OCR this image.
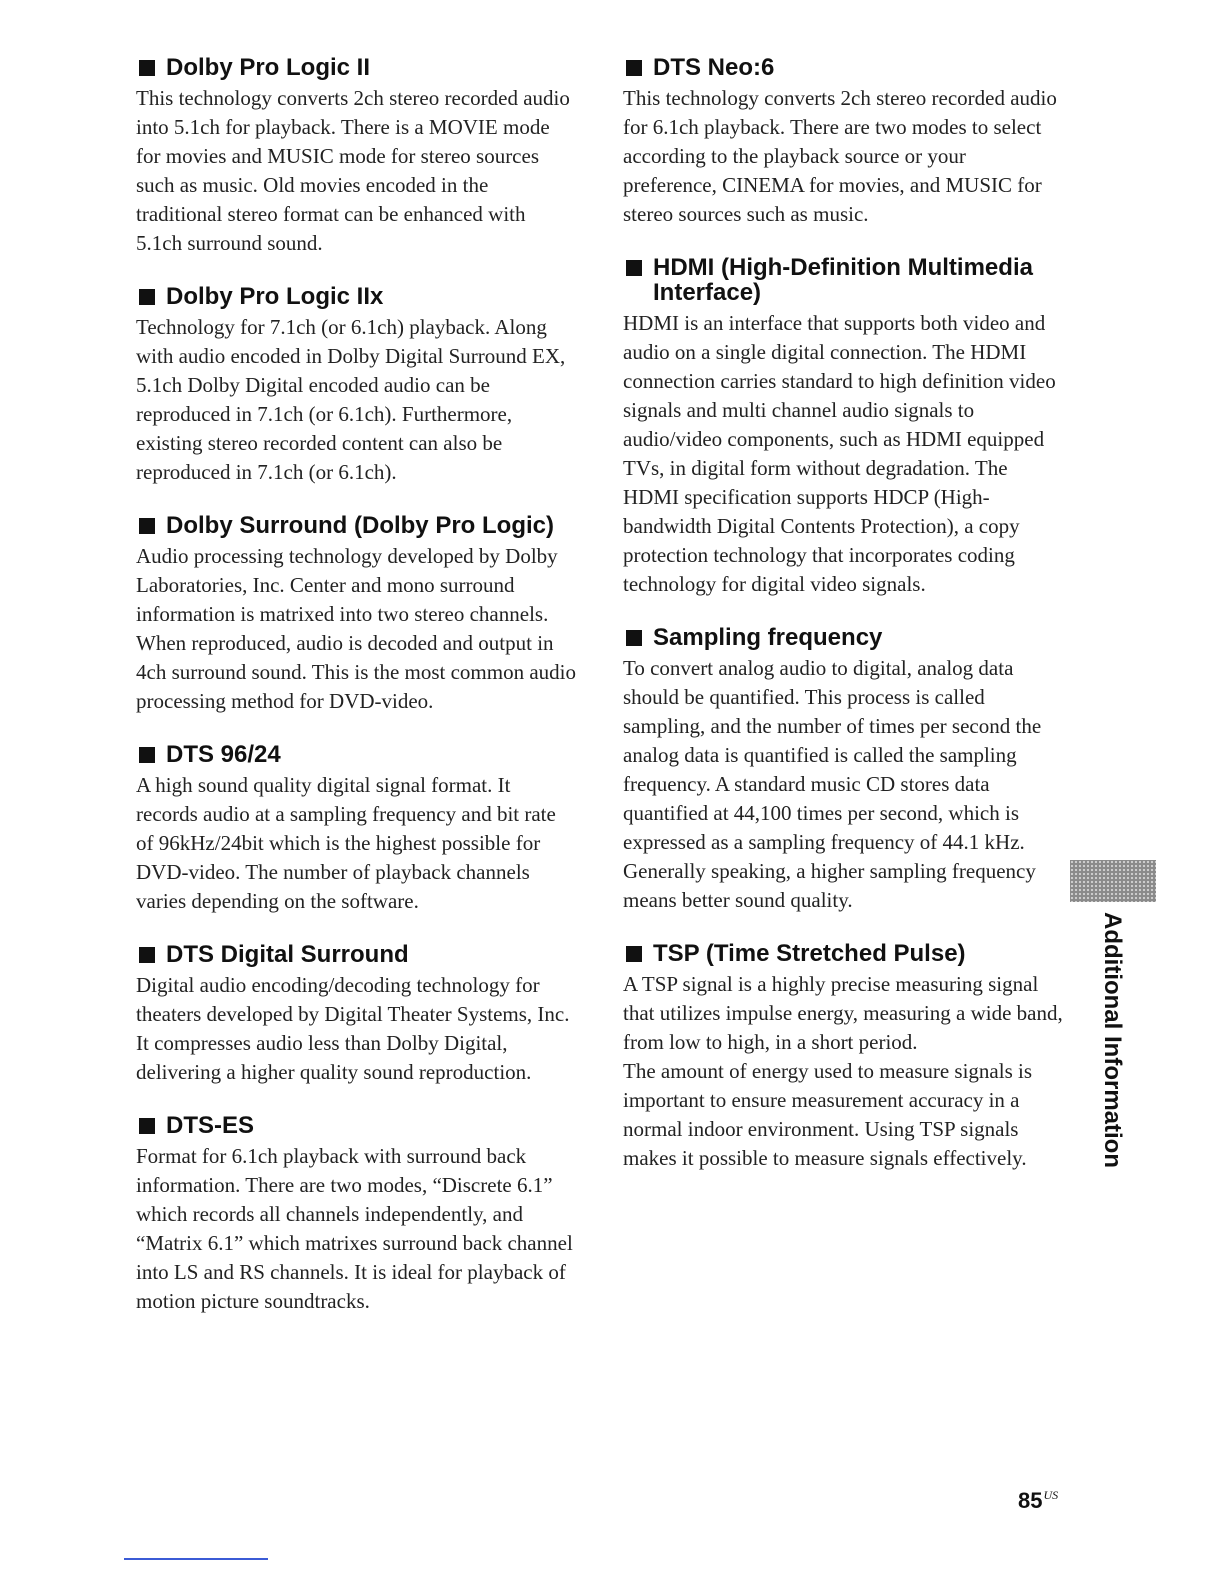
Dolby Pro Logic II

This technology converts 2ch stereo recorded audio into 5.1ch for playback. There is a MOVIE mode for movies and MUSIC mode for stereo sources such as music. Old movies encoded in the traditional stereo format can be enhanced with 5.1ch surround sound.

Dolby Pro Logic IIx

Technology for 7.1ch (or 6.1ch) playback. Along with audio encoded in Dolby Digital Surround EX, 5.1ch Dolby Digital encoded audio can be reproduced in 7.1ch (or 6.1ch). Furthermore, existing stereo recorded content can also be reproduced in 7.1ch (or 6.1ch).

Dolby Surround (Dolby Pro Logic)

Audio processing technology developed by Dolby Laboratories, Inc. Center and mono surround information is matrixed into two stereo channels. When reproduced, audio is decoded and output in 4ch surround sound. This is the most common audio processing method for DVD-video.

DTS 96/24

A high sound quality digital signal format. It records audio at a sampling frequency and bit rate of 96kHz/24bit which is the highest possible for DVD-video. The number of playback channels varies depending on the software.

DTS Digital Surround

Digital audio encoding/decoding technology for theaters developed by Digital Theater Systems, Inc. It compresses audio less than Dolby Digital, delivering a higher quality sound reproduction.

DTS-ES

Format for 6.1ch playback with surround back information. There are two modes, “Discrete 6.1” which records all channels independently, and “Matrix 6.1” which matrixes surround back channel into LS and RS channels. It is ideal for playback of motion picture soundtracks.

DTS Neo:6

This technology converts 2ch stereo recorded audio for 6.1ch playback. There are two modes to select according to the playback source or your preference, CINEMA for movies, and MUSIC for stereo sources such as music.

HDMI (High-Definition Multimedia Interface)

HDMI is an interface that supports both video and audio on a single digital connection. The HDMI connection carries standard to high definition video signals and multi channel audio signals to audio/video components, such as HDMI equipped TVs, in digital form without degradation. The HDMI specification supports HDCP (High-bandwidth Digital Contents Protection), a copy protection technology that incorporates coding technology for digital video signals.

Sampling frequency

To convert analog audio to digital, analog data should be quantified. This process is called sampling, and the number of times per second the analog data is quantified is called the sampling frequency. A standard music CD stores data quantified at 44,100 times per second, which is expressed as a sampling frequency of 44.1 kHz. Generally speaking, a higher sampling frequency means better sound quality.

TSP (Time Stretched Pulse)

A TSP signal is a highly precise measuring signal that utilizes impulse energy, measuring a wide band, from low to high, in a short period.

The amount of energy used to measure signals is important to ensure measurement accuracy in a normal indoor environment. Using TSP signals makes it possible to measure signals effectively.	Additional Information
$85^{US}$
